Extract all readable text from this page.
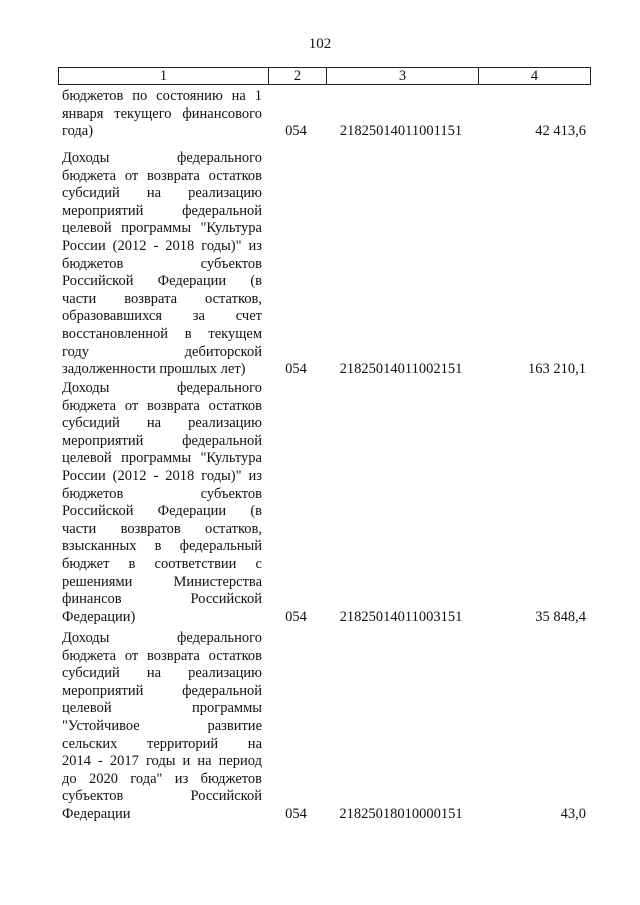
102
1	2	3	4
бюджетов по состоянию на 1
января текущего финансового
года)	054	21825014011001151	42 413,6
Доходы федерального
бюджета от возврата остатков
субсидий на реализацию
мероприятий федеральной
целевой программы "Культура
России (2012 - 2018 годы)" из
бюджетов субъектов
Российской Федерации (в
части возврата остатков,
образовавшихся за счет
восстановленной в текущем
году дебиторской
задолженности прошлых лет)	054	21825014011002151	163 210,1
Доходы федерального
бюджета от возврата остатков
субсидий на реализацию
мероприятий федеральной
целевой программы "Культура
России (2012 - 2018 годы)" из
бюджетов субъектов
Российской Федерации (в
части возвратов остатков,
взысканных в федеральный
бюджет в соответствии с
решениями Министерства
финансов Российской
Федерации)	054	21825014011003151	35 848,4
Доходы федерального
бюджета от возврата остатков
субсидий на реализацию
мероприятий федеральной
целевой программы
"Устойчивое развитие
сельских территорий на
2014 - 2017 годы и на период
до 2020 года" из бюджетов
субъектов Российской
Федерации	054	21825018010000151	43,0
